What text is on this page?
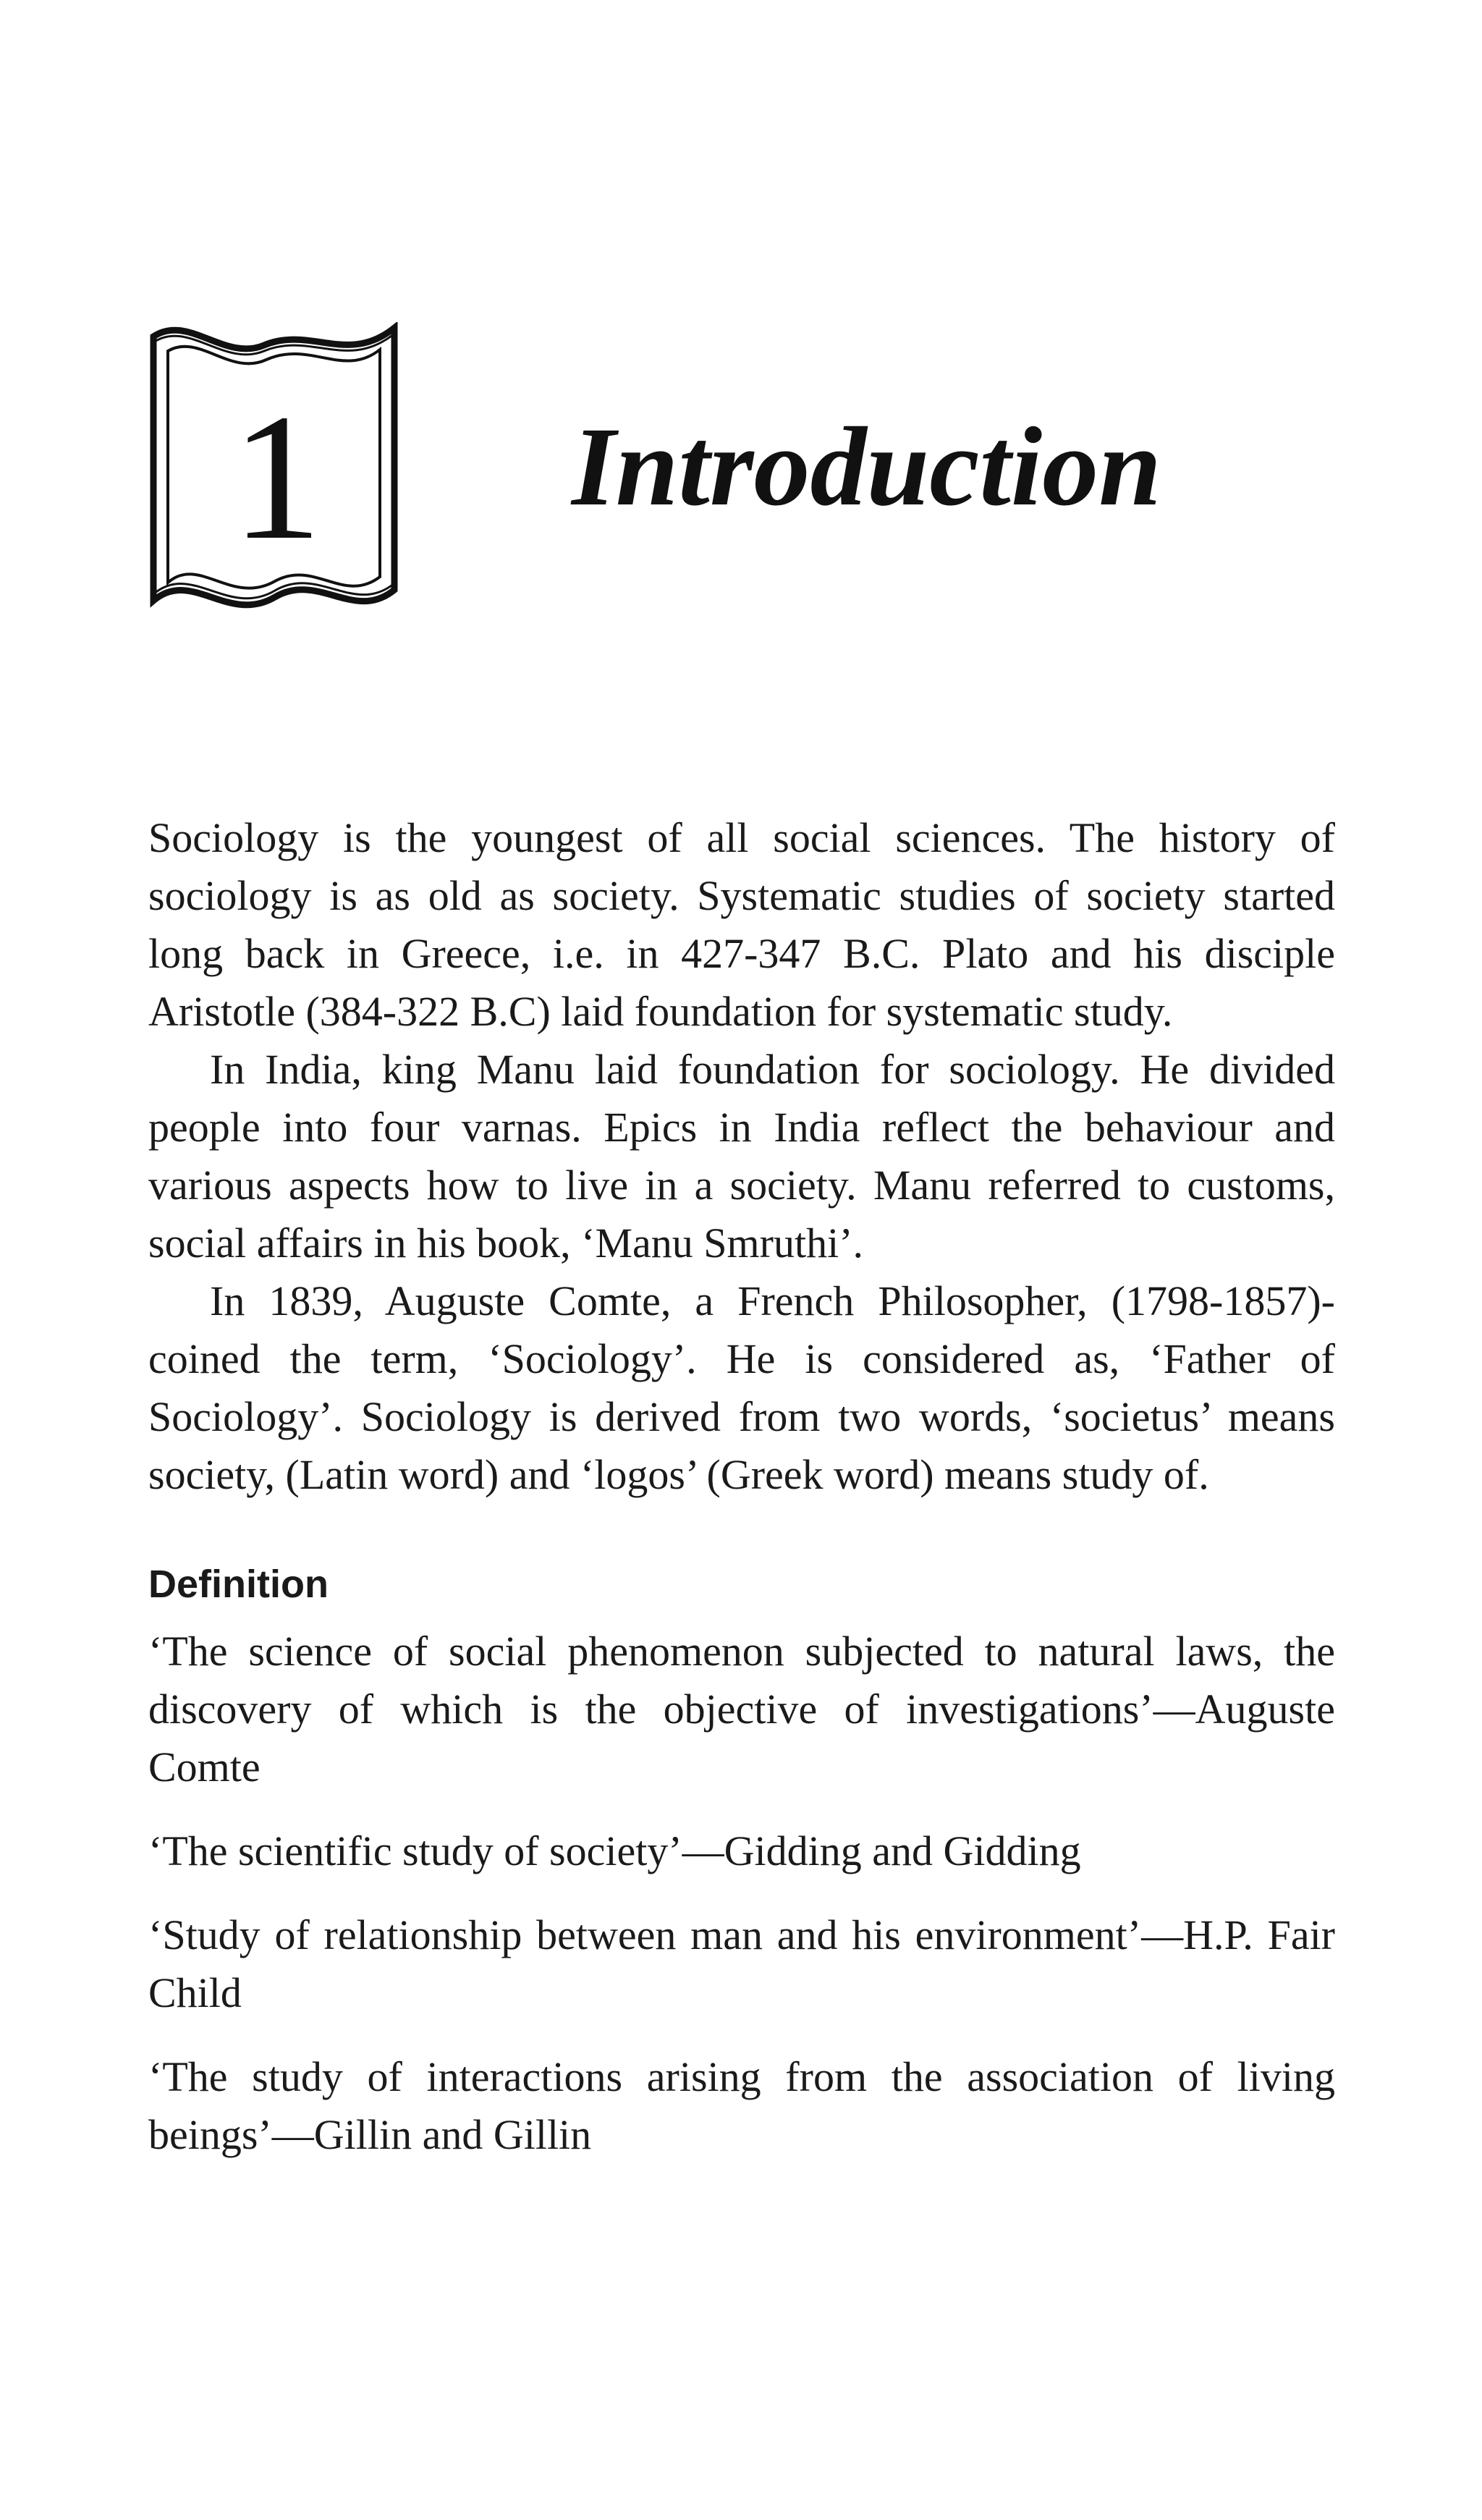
1	Introduction

Sociology is the youngest of all social sciences. The history of sociology is as old as society. Systematic studies of society started long back in Greece, i.e. in 427-347 B.C. Plato and his disciple Aristotle (384-322 B.C) laid foundation for systematic study.

In India, king Manu laid foundation for sociology. He divided people into four varnas. Epics in India reflect the behaviour and various aspects how to live in a society. Manu referred to customs, social affairs in his book, ‘Manu Smruthi’.

In 1839, Auguste Comte, a French Philosopher, (1798-1857)-coined the term, ‘Sociology’. He is considered as, ‘Father of Sociology’. Sociology is derived from two words, ‘societus’ means society, (Latin word) and ‘logos’ (Greek word) means study of.

Definition

‘The science of social phenomenon subjected to natural laws, the discovery of which is the objective of investigations’—Auguste Comte

‘The scientific study of society’—Gidding and Gidding

‘Study of relationship between man and his environment’—H.P. Fair Child

‘The study of interactions arising from the association of living beings’—Gillin and Gillin
